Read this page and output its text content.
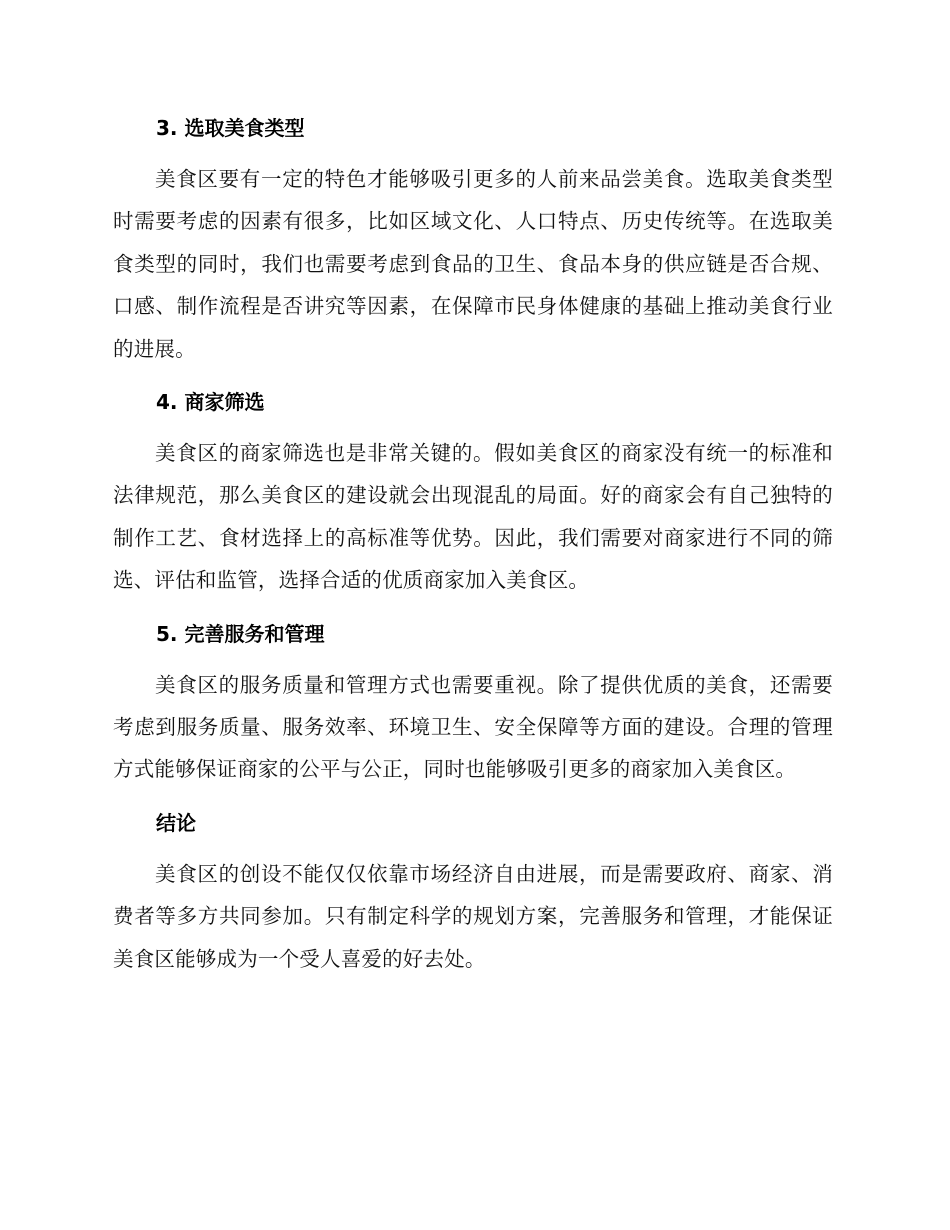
3. 选取美食类型

美食区要有一定的特色才能够吸引更多的人前来品尝美食。选取美食类型时需要考虑的因素有很多，比如区域文化、人口特点、历史传统等。在选取美食类型的同时，我们也需要考虑到食品的卫生、食品本身的供应链是否合规、口感、制作流程是否讲究等因素，在保障市民身体健康的基础上推动美食行业的进展。

4. 商家筛选

美食区的商家筛选也是非常关键的。假如美食区的商家没有统一的标准和法律规范，那么美食区的建设就会出现混乱的局面。好的商家会有自己独特的制作工艺、食材选择上的高标准等优势。因此，我们需要对商家进行不同的筛选、评估和监管，选择合适的优质商家加入美食区。

5. 完善服务和管理

美食区的服务质量和管理方式也需要重视。除了提供优质的美食，还需要考虑到服务质量、服务效率、环境卫生、安全保障等方面的建设。合理的管理方式能够保证商家的公平与公正，同时也能够吸引更多的商家加入美食区。

结论

美食区的创设不能仅仅依靠市场经济自由进展，而是需要政府、商家、消费者等多方共同参加。只有制定科学的规划方案，完善服务和管理，才能保证美食区能够成为一个受人喜爱的好去处。
